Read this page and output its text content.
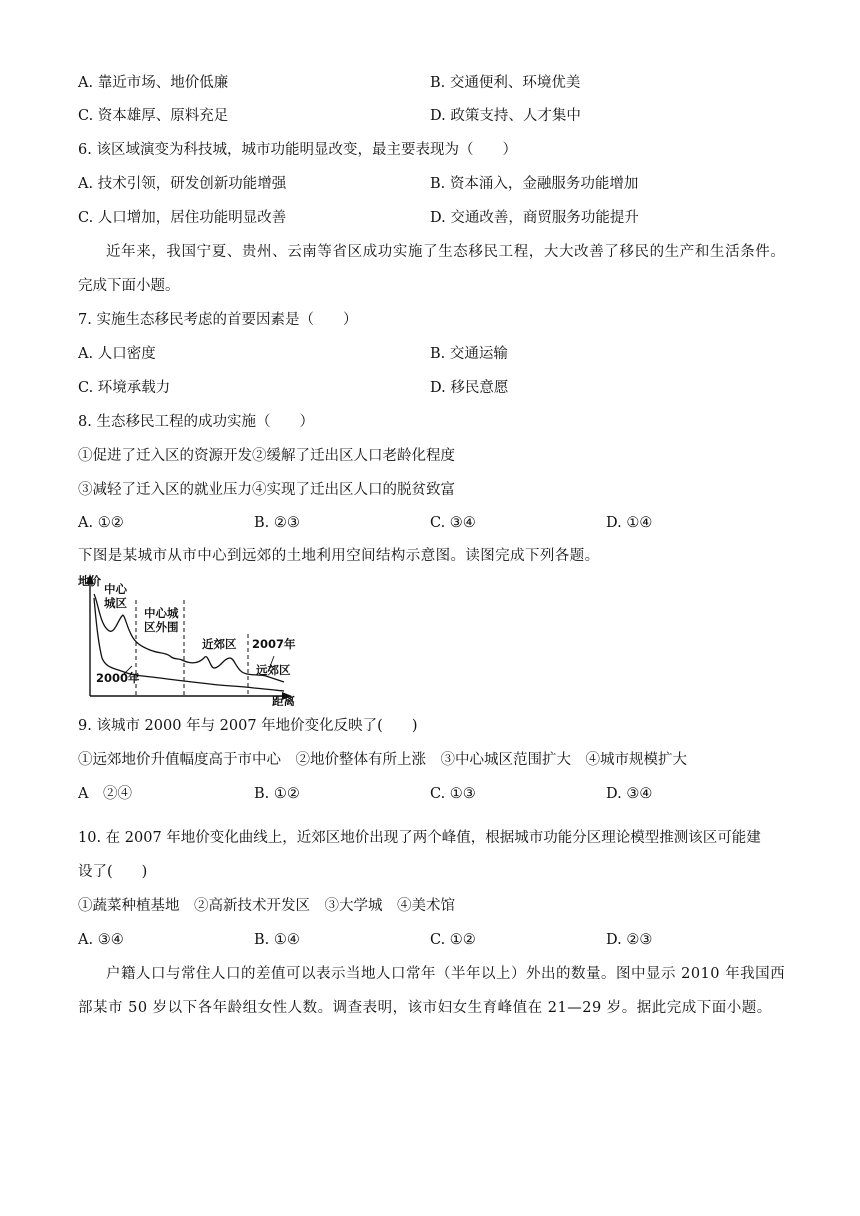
A. 靠近市场、地价低廉	B. 交通便利、环境优美
C. 资本雄厚、原料充足	D. 政策支持、人才集中
6. 该区域演变为科技城，城市功能明显改变，最主要表现为（　　）
A. 技术引领，研发创新功能增强	B. 资本涌入，金融服务功能增加
C. 人口增加，居住功能明显改善	D. 交通改善，商贸服务功能提升
近年来，我国宁夏、贵州、云南等省区成功实施了生态移民工程，大大改善了移民的生产和生活条件。
完成下面小题。
7. 实施生态移民考虑的首要因素是（　　）
A. 人口密度	B. 交通运输
C. 环境承载力	D. 移民意愿
8. 生态移民工程的成功实施（　　）
①促进了迁入区的资源开发②缓解了迁出区人口老龄化程度
③减轻了迁入区的就业压力④实现了迁出区人口的脱贫致富
A. ①②	B. ②③	C. ③④	D. ①④
下图是某城市从市中心到远郊的土地利用空间结构示意图。读图完成下列各题。
地价
中心
城区
中心城
区外围
近郊区 2007年
远郊区
2000年
距离
9. 该城市 2000 年与 2007 年地价变化反映了(　　)
①远郊地价升值幅度高于市中心　②地价整体有所上涨　③中心城区范围扩大　④城市规模扩大
A　②④	B. ①②	C. ①③	D. ③④
10. 在 2007 年地价变化曲线上，近郊区地价出现了两个峰值，根据城市功能分区理论模型推测该区可能建
设了(　　)
①蔬菜种植基地　②高新技术开发区　③大学城　④美术馆
A. ③④	B. ①④	C. ①②	D. ②③
户籍人口与常住人口的差值可以表示当地人口常年（半年以上）外出的数量。图中显示 2010 年我国西
部某市 50 岁以下各年龄组女性人数。调查表明，该市妇女生育峰值在 21—29 岁。据此完成下面小题。
